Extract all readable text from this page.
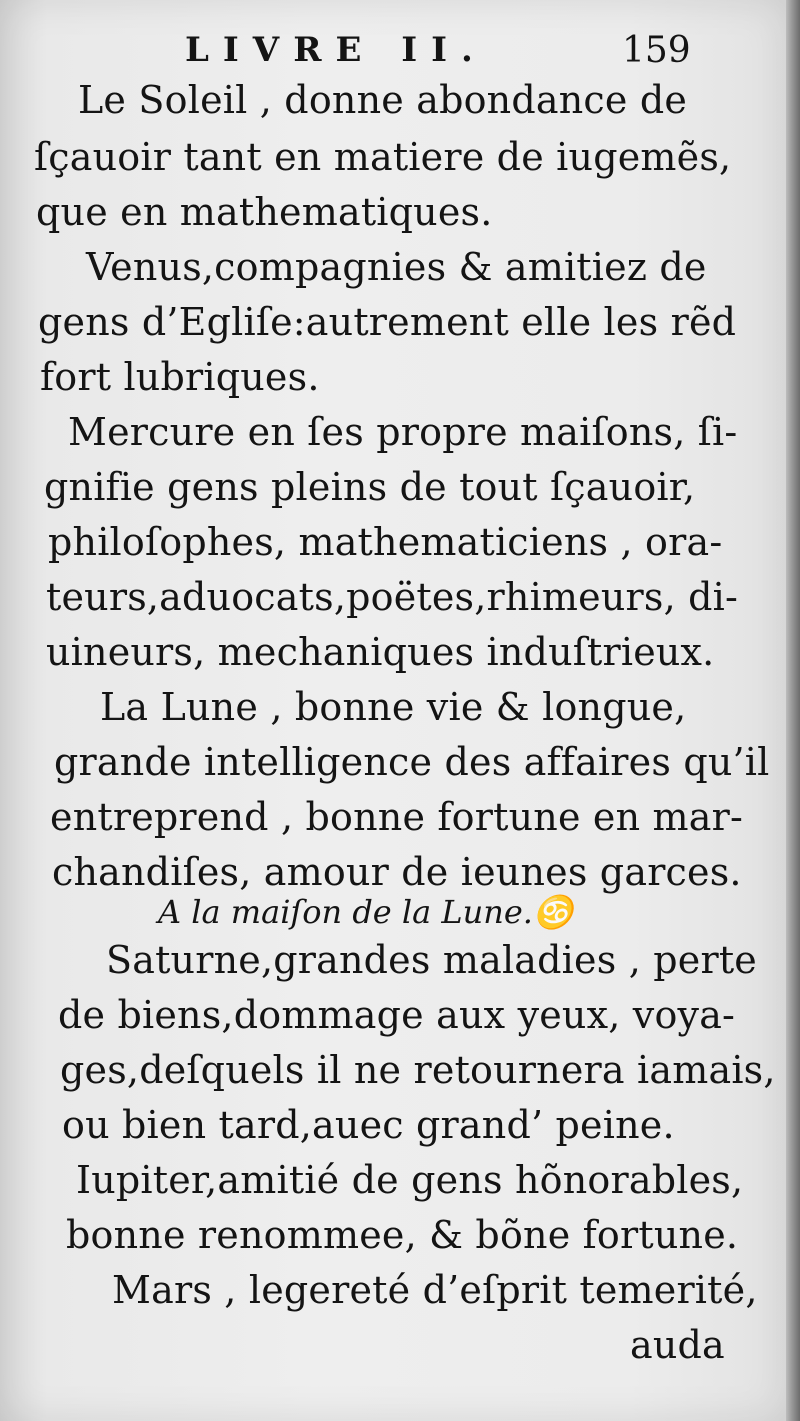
LIVRE II.	159
Le Soleil , donne abondance de
ſçauoir tant en matiere de iugemẽs,
que en mathematiques.
Venus,compagnies & amitiez de
gens d’Egliſe:autrement elle les rẽd
fort lubriques.
Mercure en ſes propre maiſons, ſi-
gnifie gens pleins de tout ſçauoir,
philoſophes, mathematiciens , ora-
teurs,aduocats,poëtes,rhimeurs, di-
uineurs, mechaniques induſtrieux.
La Lune , bonne vie & longue,
grande intelligence des affaires qu’il
entreprend , bonne fortune en mar-
chandiſes, amour de ieunes garces.
A la maiſon de la Lune.♋
Saturne,grandes maladies , perte
de biens,dommage aux yeux, voya-
ges,deſquels il ne retournera iamais,
ou bien tard,auec grand’ peine.
Iupiter,amitié de gens hõnorables,
bonne renommee, & bõne fortune.
Mars , legereté d’eſprit temerité,
auda
